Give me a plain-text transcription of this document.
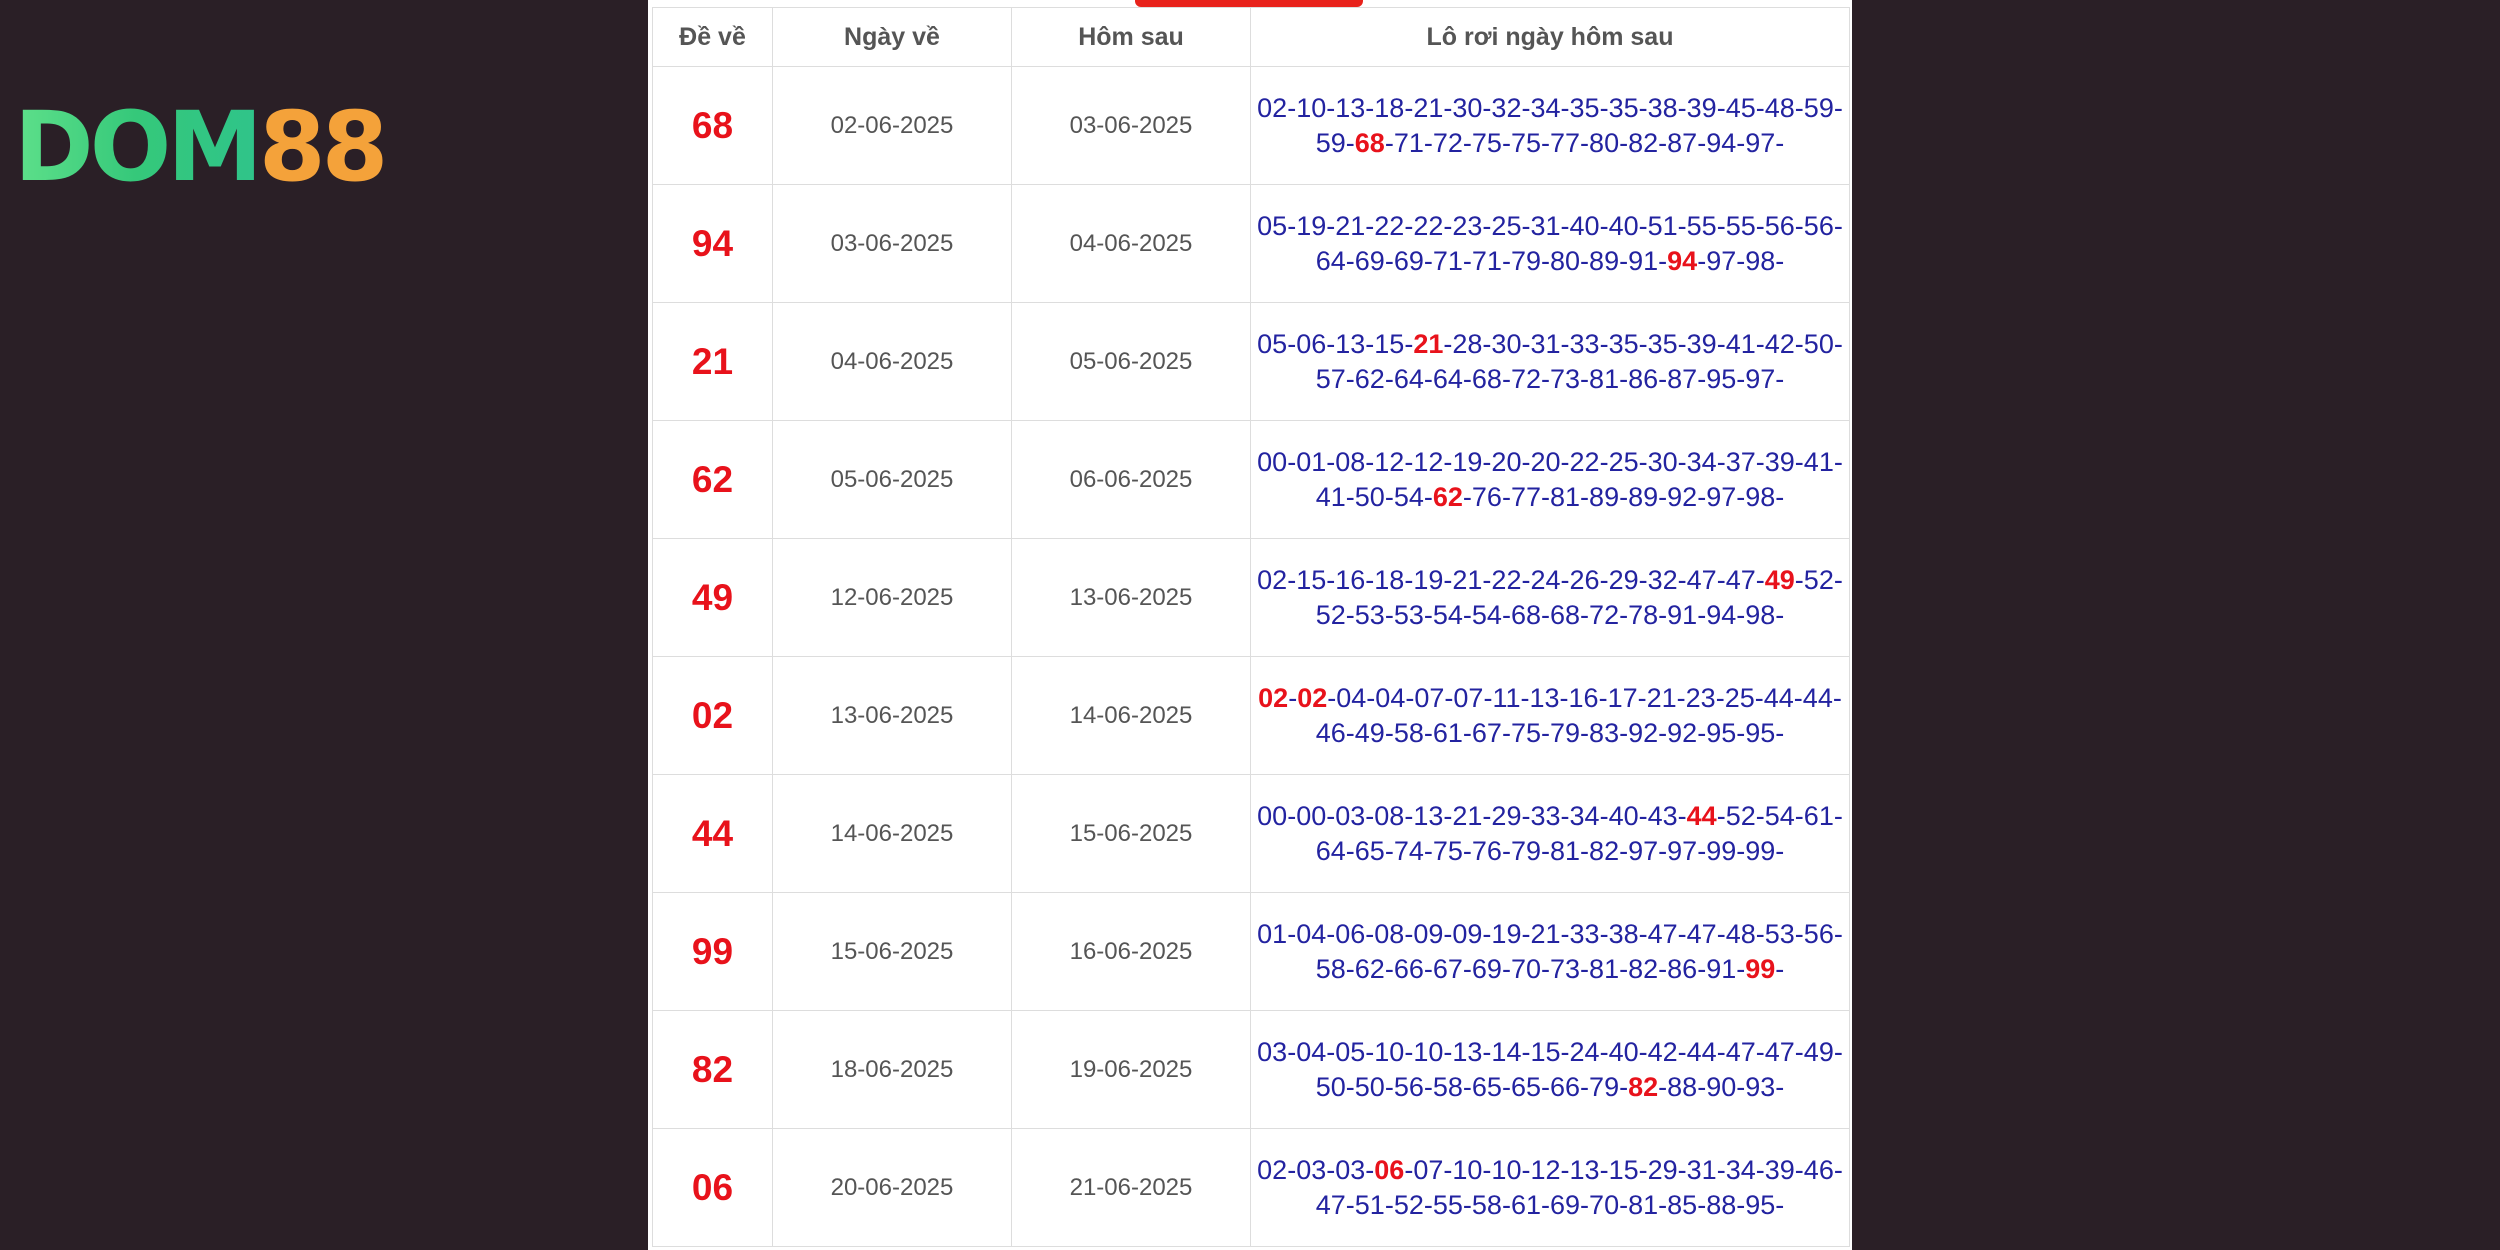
DOM 88
Đề về	Ngày về	Hôm sau	Lô rơi ngày hôm sau
68	02-06-2025	03-06-2025	02-10-13-18-21-30-32-34-35-35-38-39-45-48-59-59-68-71-72-75-75-77-80-82-87-94-97-
94	03-06-2025	04-06-2025	05-19-21-22-22-23-25-31-40-40-51-55-55-56-56-64-69-69-71-71-79-80-89-91-94-97-98-
21	04-06-2025	05-06-2025	05-06-13-15-21-28-30-31-33-35-35-39-41-42-50-57-62-64-64-68-72-73-81-86-87-95-97-
62	05-06-2025	06-06-2025	00-01-08-12-12-19-20-20-22-25-30-34-37-39-41-41-50-54-62-76-77-81-89-89-92-97-98-
49	12-06-2025	13-06-2025	02-15-16-18-19-21-22-24-26-29-32-47-47-49-52-52-53-53-54-54-68-68-72-78-91-94-98-
02	13-06-2025	14-06-2025	02-02-04-04-07-07-11-13-16-17-21-23-25-44-44-46-49-58-61-67-75-79-83-92-92-95-95-
44	14-06-2025	15-06-2025	00-00-03-08-13-21-29-33-34-40-43-44-52-54-61-64-65-74-75-76-79-81-82-97-97-99-99-
99	15-06-2025	16-06-2025	01-04-06-08-09-09-19-21-33-38-47-47-48-53-56-58-62-66-67-69-70-73-81-82-86-91-99-
82	18-06-2025	19-06-2025	03-04-05-10-10-13-14-15-24-40-42-44-47-47-49-50-50-56-58-65-65-66-79-82-88-90-93-
06	20-06-2025	21-06-2025	02-03-03-06-07-10-10-12-13-15-29-31-34-39-46-47-51-52-55-58-61-69-70-81-85-88-95-
